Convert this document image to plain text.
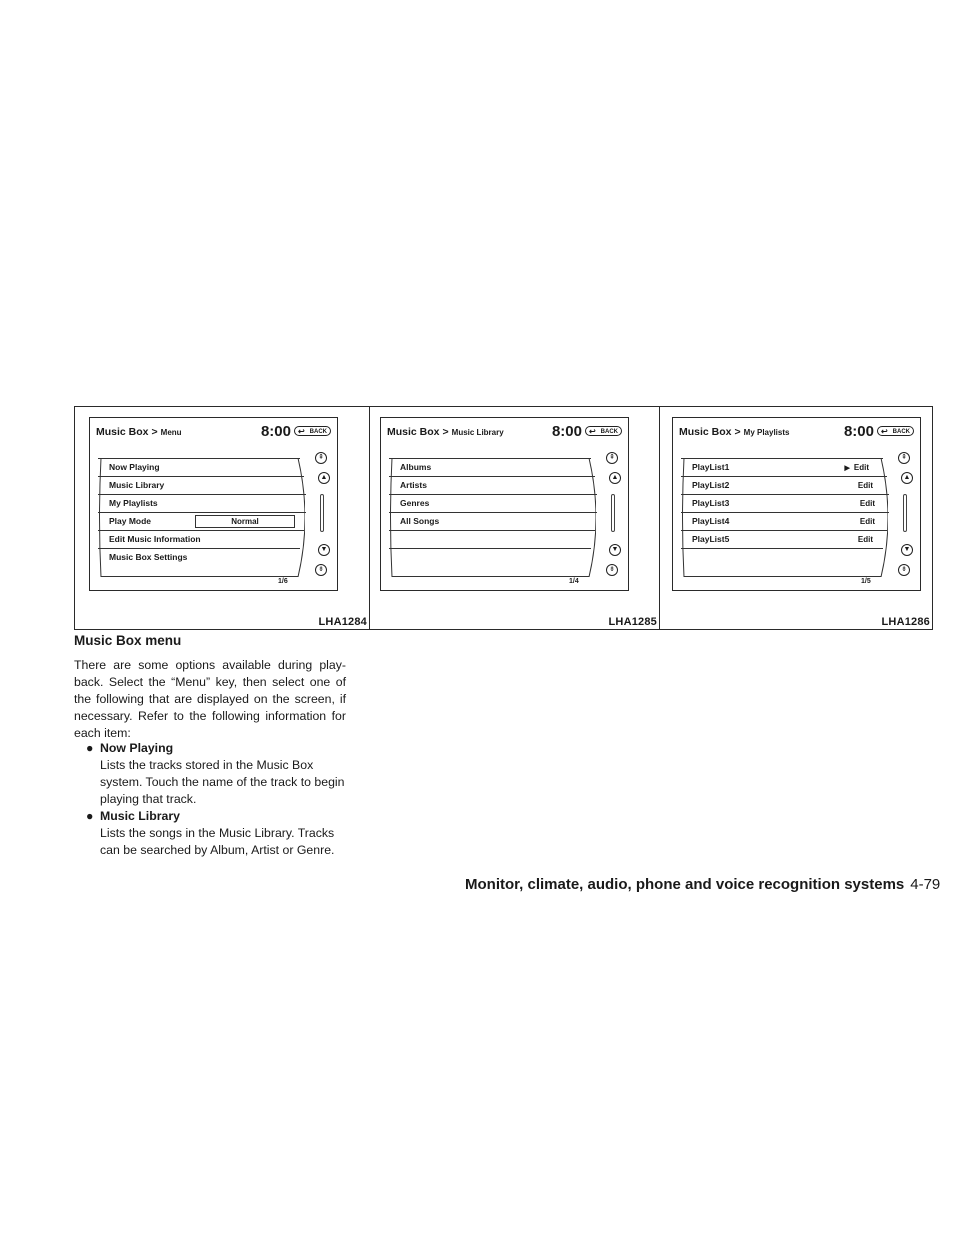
Music Box > Menu	8:00 ↩ BACK
Now Playing
Music Library
My Playlists
Play Mode	Normal
Edit Music Information
Music Box Settings
⇞
▲
▼
⇟
1/6
LHA1284
Music Box > Music Library	8:00 ↩ BACK
Albums
Artists
Genres
All Songs
⇞
▲
▼
⇟
1/4
LHA1285
Music Box > My Playlists	8:00 ↩ BACK
PlayList1	▶ Edit
PlayList2	Edit
PlayList3	Edit
PlayList4	Edit
PlayList5	Edit
⇞
▲
▼
⇟
1/5
LHA1286
Music Box menu
There are some options available during play-back. Select the “Menu” key, then select one of the following that are displayed on the screen, if necessary. Refer to the following information for each item:
● Now Playing
Lists the tracks stored in the Music Box system. Touch the name of the track to begin playing that track.
● Music Library
Lists the songs in the Music Library. Tracks can be searched by Album, Artist or Genre.
Monitor, climate, audio, phone and voice recognition systems 4-79
